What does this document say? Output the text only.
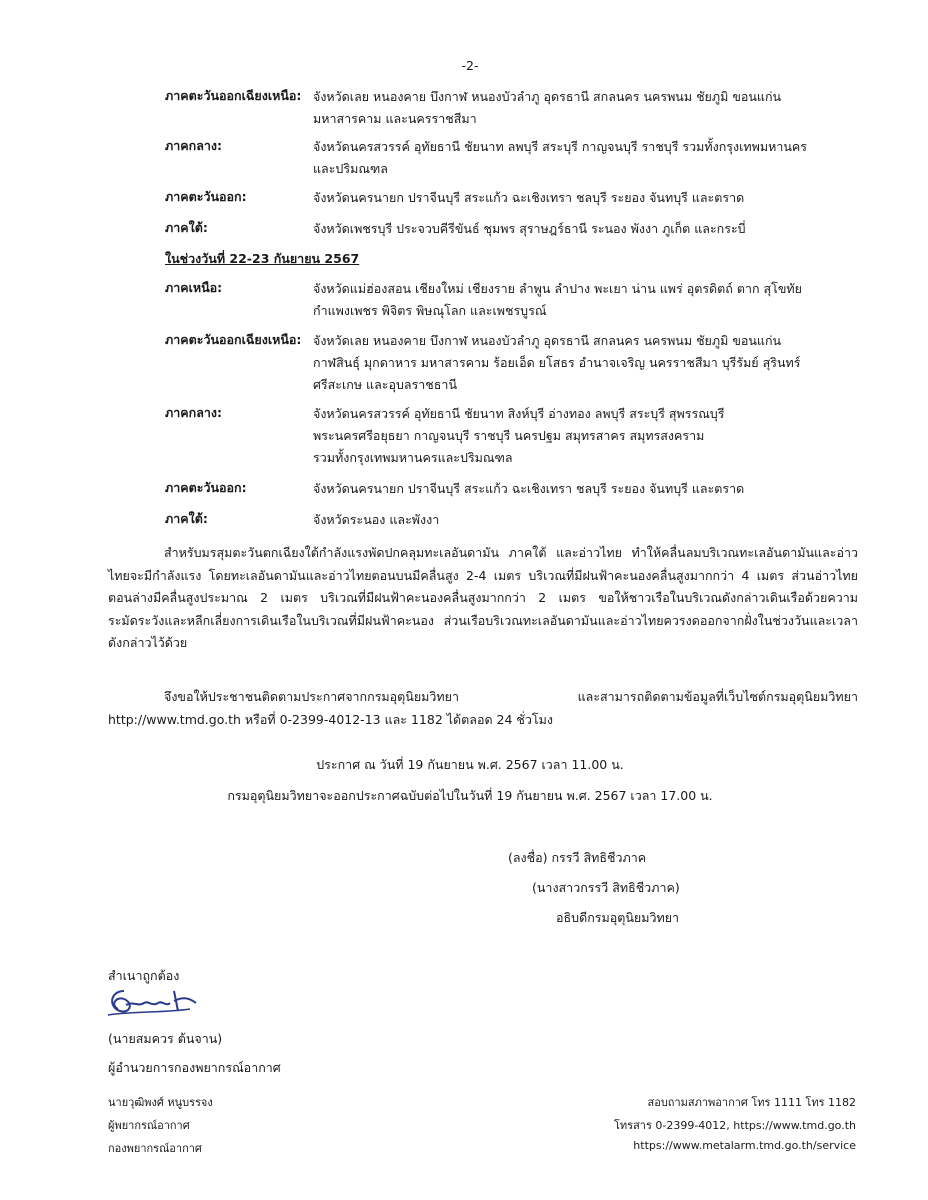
-2-
ภาคตะวันออกเฉียงเหนือ: จังหวัดเลย หนองคาย บึงกาฬ หนองบัวลำภู อุดรธานี สกลนคร นครพนม ชัยภูมิ ขอนแก่น
มหาสารคาม และนครราชสีมา
ภาคกลาง:	จังหวัดนครสวรรค์ อุทัยธานี ชัยนาท ลพบุรี สระบุรี กาญจนบุรี ราชบุรี รวมทั้งกรุงเทพมหานคร
และปริมณฑล
ภาคตะวันออก:	จังหวัดนครนายก ปราจีนบุรี สระแก้ว ฉะเชิงเทรา ชลบุรี ระยอง จันทบุรี และตราด
ภาคใต้:	จังหวัดเพชรบุรี ประจวบคีรีขันธ์ ชุมพร สุราษฎร์ธานี ระนอง พังงา ภูเก็ต และกระบี่
ในช่วงวันที่ 22-23 กันยายน 2567
ภาคเหนือ:	จังหวัดแม่ฮ่องสอน เชียงใหม่ เชียงราย ลำพูน ลำปาง พะเยา น่าน แพร่ อุตรดิตถ์ ตาก สุโขทัย
กำแพงเพชร พิจิตร พิษณุโลก และเพชรบูรณ์
ภาคตะวันออกเฉียงเหนือ: จังหวัดเลย หนองคาย บึงกาฬ หนองบัวลำภู อุดรธานี สกลนคร นครพนม ชัยภูมิ ขอนแก่น
กาฬสินธุ์ มุกดาหาร มหาสารคาม ร้อยเอ็ด ยโสธร อำนาจเจริญ นครราชสีมา บุรีรัมย์ สุรินทร์
ศรีสะเกษ และอุบลราชธานี
ภาคกลาง:	จังหวัดนครสวรรค์ อุทัยธานี ชัยนาท สิงห์บุรี อ่างทอง ลพบุรี สระบุรี สุพรรณบุรี
พระนครศรีอยุธยา กาญจนบุรี ราชบุรี นครปฐม สมุทรสาคร สมุทรสงคราม
รวมทั้งกรุงเทพมหานครและปริมณฑล
ภาคตะวันออก:	จังหวัดนครนายก ปราจีนบุรี สระแก้ว ฉะเชิงเทรา ชลบุรี ระยอง จันทบุรี และตราด
ภาคใต้:	จังหวัดระนอง และพังงา
สำหรับมรสุมตะวันตกเฉียงใต้กำลังแรงพัดปกคลุมทะเลอันดามัน ภาคใต้ และอ่าวไทย ทำให้คลื่นลมบริเวณทะเลอันดามันและอ่าวไทยจะมีกำลังแรง โดยทะเลอันดามันและอ่าวไทยตอนบนมีคลื่นสูง 2-4 เมตร บริเวณที่มีฝนฟ้าคะนองคลื่นสูงมากกว่า 4 เมตร ส่วนอ่าวไทยตอนล่างมีคลื่นสูงประมาณ 2 เมตร บริเวณที่มีฝนฟ้าคะนองคลื่นสูงมากกว่า 2 เมตร ขอให้ชาวเรือในบริเวณดังกล่าวเดินเรือด้วยความระมัดระวังและหลีกเลี่ยงการเดินเรือในบริเวณที่มีฝนฟ้าคะนอง ส่วนเรือบริเวณทะเลอันดามันและอ่าวไทยควรงดออกจากฝั่งในช่วงวันและเวลาดังกล่าวไว้ด้วย
จึงขอให้ประชาชนติดตามประกาศจากกรมอุตุนิยมวิทยา และสามารถติดตามข้อมูลที่เว็บไซต์กรมอุตุนิยมวิทยา http://www.tmd.go.th หรือที่ 0-2399-4012-13 และ 1182 ได้ตลอด 24 ชั่วโมง
ประกาศ ณ วันที่ 19 กันยายน พ.ศ. 2567 เวลา 11.00 น.
กรมอุตุนิยมวิทยาจะออกประกาศฉบับต่อไปในวันที่ 19 กันยายน พ.ศ. 2567 เวลา 17.00 น.
(ลงชื่อ) กรรวี สิทธิชีวภาค
(นางสาวกรรวี สิทธิชีวภาค)
อธิบดีกรมอุตุนิยมวิทยา
สำเนาถูกต้อง
(นายสมควร ต้นจาน)
ผู้อำนวยการกองพยากรณ์อากาศ
นายวุฒิพงศ์ หนูบรรจง
ผู้พยากรณ์อากาศ
กองพยากรณ์อากาศ
สอบถามสภาพอากาศ โทร 1111 โทร 1182
โทรสาร 0-2399-4012, https://www.tmd.go.th
https://www.metalarm.tmd.go.th/service
